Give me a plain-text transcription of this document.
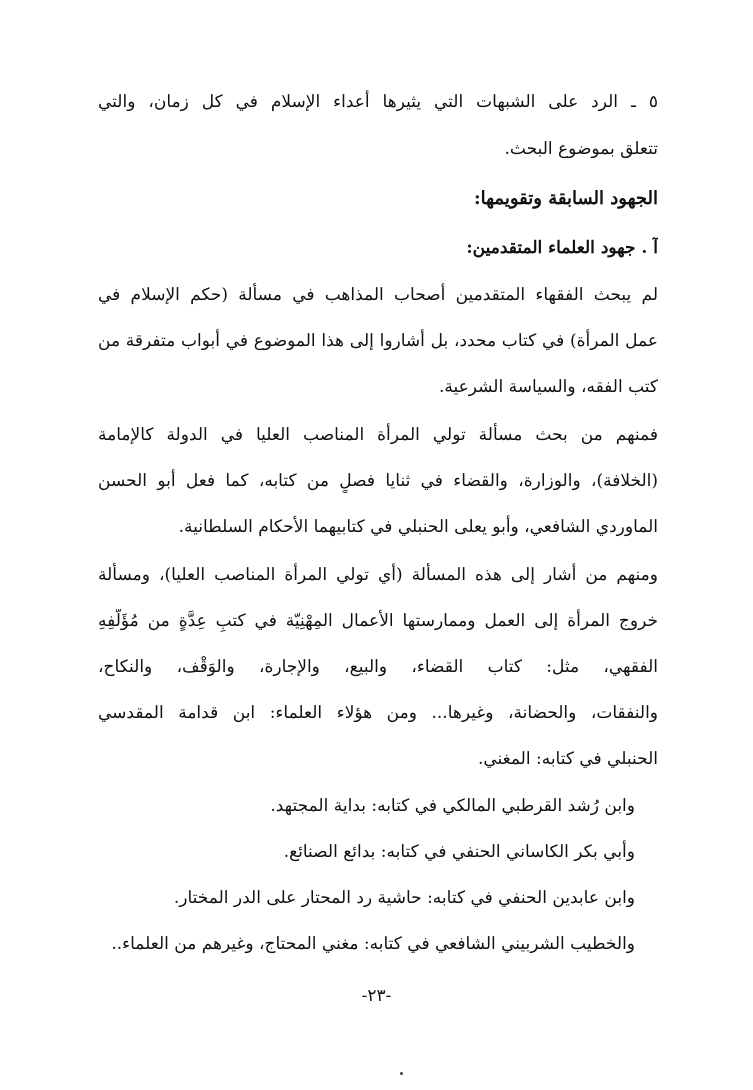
٥ ـ الرد على الشبهات التي يثيرها أعداء الإسلام في كل زمان، والتي
تتعلق بموضوع البحث.
الجهود السابقة وتقويمها:
آ . جهود العلماء المتقدمين:
لم يبحث الفقهاء المتقدمين أصحاب المذاهب في مسألة (حكم الإسلام في
عمل المرأة) في كتاب محدد، بل أشاروا إلى هذا الموضوع في أبواب متفرقة من
كتب الفقه، والسياسة الشرعية.
فمنهم من بحث مسألة تولي المرأة المناصب العليا في الدولة كالإمامة
(الخلافة)، والوزارة، والقضاء في ثنايا فصلٍ من كتابه، كما فعل أبو الحسن
الماوردي الشافعي، وأبو يعلى الحنبلي في كتابيهما الأحكام السلطانية.
ومنهم من أشار إلى هذه المسألة (أي تولي المرأة المناصب العليا)، ومسألة
خروج المرأة إلى العمل وممارستها الأعمال المِهْنِيّة في كتبِ عِدَّةٍ من مُؤَلَّفِهِ
الفقهي، مثل: كتاب القضاء، والبيع، والإجارة، والوَقْف، والنكاح،
والنفقات، والحضانة، وغيرها... ومن هؤلاء العلماء: ابن قدامة المقدسي
الحنبلي في كتابه: المغني.
وابن رُشد القرطبي المالكي في كتابه: بداية المجتهد.
وأبي بكر الكاساني الحنفي في كتابه: بدائع الصنائع.
وابن عابدين الحنفي في كتابه: حاشية رد المحتار على الدر المختار.
والخطيب الشربيني الشافعي في كتابه: مغني المحتاج، وغيرهم من العلماء..
-٢٣-
